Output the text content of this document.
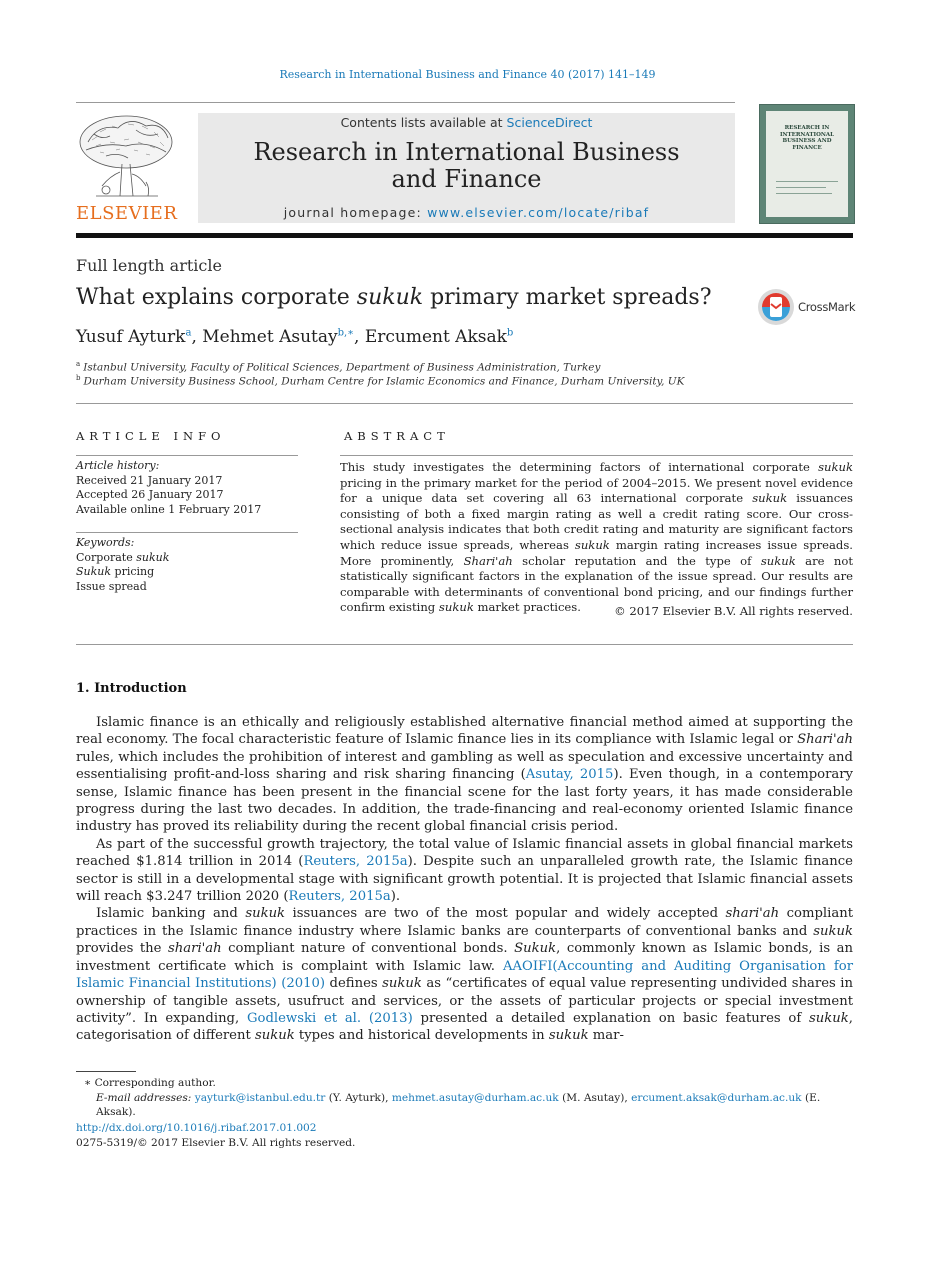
Research in International Business and Finance 40 (2017) 141–149
ELSEVIER
Contents lists available at ScienceDirect
Research in International Business
and Finance
journal homepage: www.elsevier.com/locate/ribaf
RESEARCH IN INTERNATIONAL BUSINESS AND FINANCE
Full length article
What explains corporate sukuk primary market spreads?	CrossMark
Yusuf Ayturk$^a$, Mehmet Asutay$^{b,∗}$, Ercument Aksak$^b$
$^a$ Istanbul University, Faculty of Political Sciences, Department of Business Administration, Turkey
$^b$ Durham University Business School, Durham Centre for Islamic Economics and Finance, Durham University, UK
ARTICLE INFO
Article history:
Received 21 January 2017
Accepted 26 January 2017
Available online 1 February 2017
Keywords:
Corporate sukuk
Sukuk pricing
Issue spread
ABSTRACT
This study investigates the determining factors of international corporate sukuk pricing in the primary market for the period of 2004–2015. We present novel evidence for a unique data set covering all 63 international corporate sukuk issuances consisting of both a fixed margin rating as well a credit rating score. Our cross-sectional analysis indicates that both credit rating and maturity are significant factors which reduce issue spreads, whereas sukuk margin rating increases issue spreads. More prominently, Shari'ah scholar reputation and the type of sukuk are not statistically significant factors in the explanation of the issue spread. Our results are comparable with determinants of conventional bond pricing, and our findings further confirm existing sukuk market practices.	© 2017 Elsevier B.V. All rights reserved.
1. Introduction

Islamic finance is an ethically and religiously established alternative financial method aimed at supporting the real economy. The focal characteristic feature of Islamic finance lies in its compliance with Islamic legal or Shari'ah rules, which includes the prohibition of interest and gambling as well as speculation and excessive uncertainty and essentialising profit-and-loss sharing and risk sharing financing (Asutay, 2015). Even though, in a contemporary sense, Islamic finance has been present in the financial scene for the last forty years, it has made considerable progress during the last two decades. In addition, the trade-financing and real-economy oriented Islamic finance industry has proved its reliability during the recent global financial crisis period.

As part of the successful growth trajectory, the total value of Islamic financial assets in global financial markets reached $1.814 trillion in 2014 (Reuters, 2015a). Despite such an unparalleled growth rate, the Islamic finance sector is still in a developmental stage with significant growth potential. It is projected that Islamic financial assets will reach $3.247 trillion 2020 (Reuters, 2015a).

Islamic banking and sukuk issuances are two of the most popular and widely accepted shari'ah compliant practices in the Islamic finance industry where Islamic banks are counterparts of conventional banks and sukuk provides the shari'ah compliant nature of conventional bonds. Sukuk, commonly known as Islamic bonds, is an investment certificate which is complaint with Islamic law. AAOIFI(Accounting and Auditing Organisation for Islamic Financial Institutions) (2010) defines sukuk as “certificates of equal value representing undivided shares in ownership of tangible assets, usufruct and services, or the assets of particular projects or special investment activity”. In expanding, Godlewski et al. (2013) presented a detailed explanation on basic features of sukuk, categorisation of different sukuk types and historical developments in sukuk mar-

∗ Corresponding author.
E-mail addresses: yayturk@istanbul.edu.tr (Y. Ayturk), mehmet.asutay@durham.ac.uk (M. Asutay), ercument.aksak@durham.ac.uk (E. Aksak).
http://dx.doi.org/10.1016/j.ribaf.2017.01.002
0275-5319/© 2017 Elsevier B.V. All rights reserved.
